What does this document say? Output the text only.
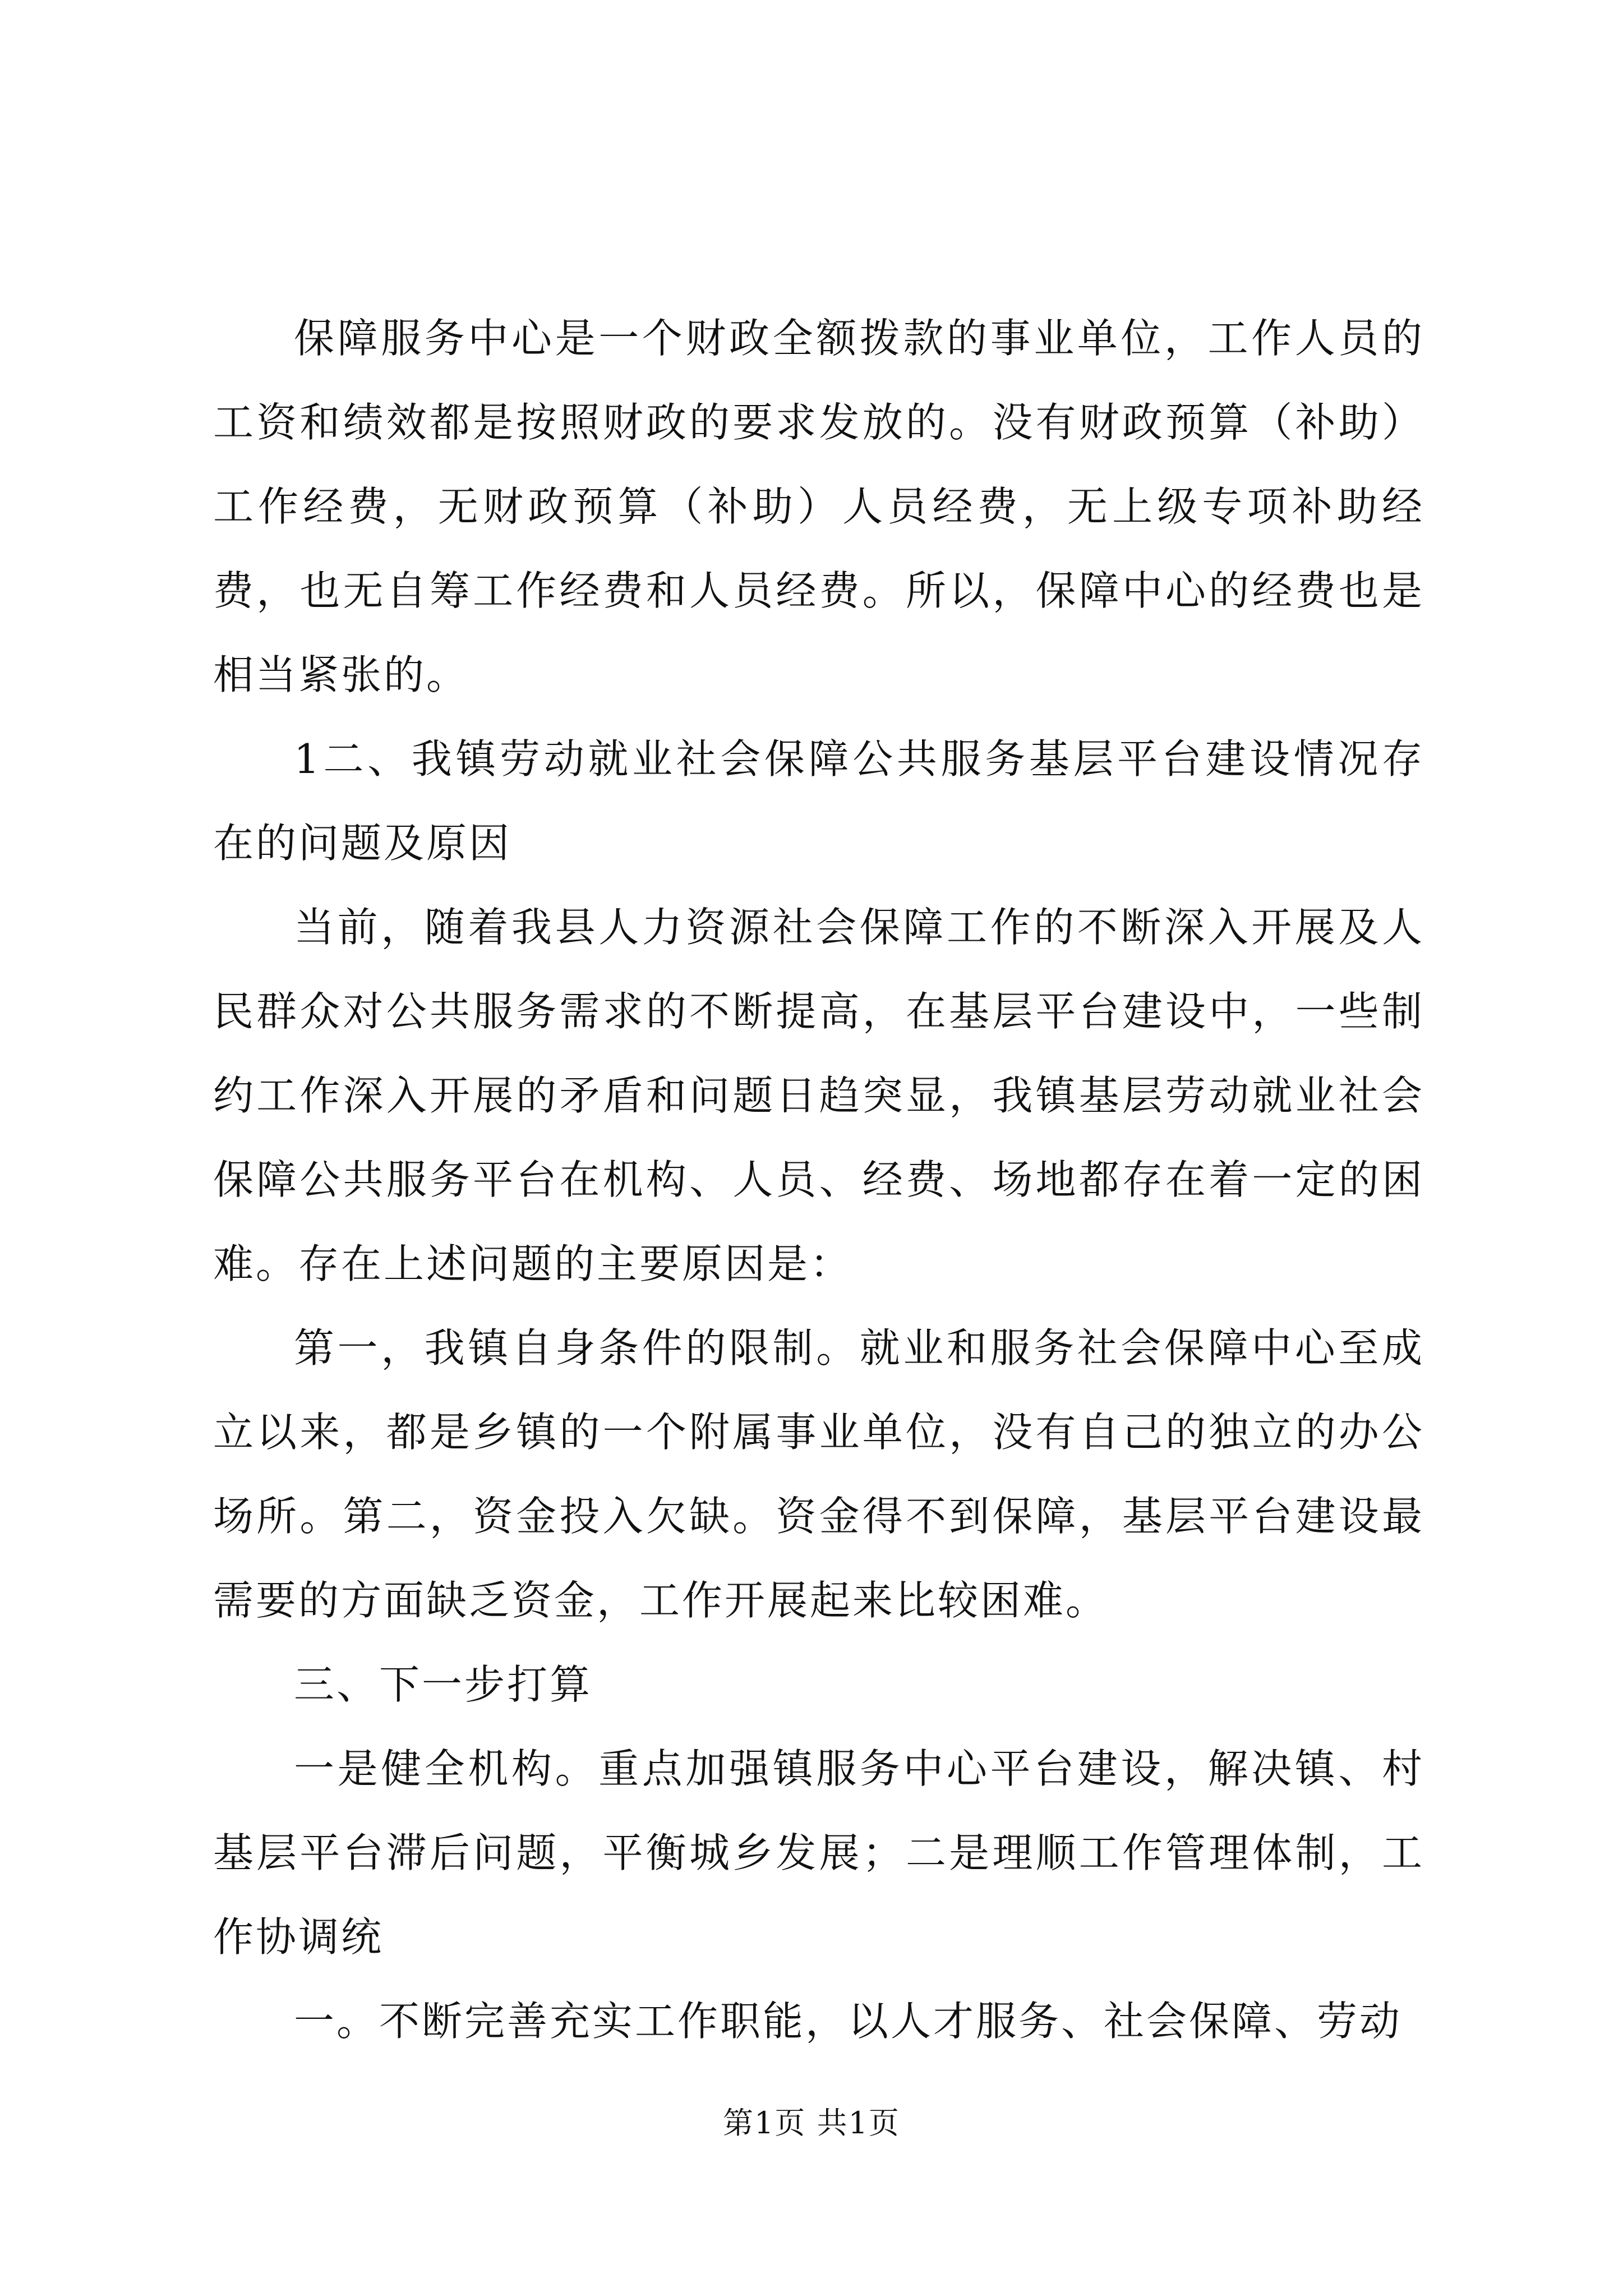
保障服务中心是一个财政全额拨款的事业单位，工作人员的工资和绩效都是按照财政的要求发放的。没有财政预算（补助）工作经费，无财政预算（补助）人员经费，无上级专项补助经费，也无自筹工作经费和人员经费。所以，保障中心的经费也是相当紧张的。

1二、我镇劳动就业社会保障公共服务基层平台建设情况存在的问题及原因

当前，随着我县人力资源社会保障工作的不断深入开展及人民群众对公共服务需求的不断提高，在基层平台建设中，一些制约工作深入开展的矛盾和问题日趋突显，我镇基层劳动就业社会保障公共服务平台在机构、人员、经费、场地都存在着一定的困难。存在上述问题的主要原因是：

第一，我镇自身条件的限制。就业和服务社会保障中心至成立以来，都是乡镇的一个附属事业单位，没有自己的独立的办公场所。第二，资金投入欠缺。资金得不到保障，基层平台建设最需要的方面缺乏资金，工作开展起来比较困难。

三、下一步打算

一是健全机构。重点加强镇服务中心平台建设，解决镇、村基层平台滞后问题，平衡城乡发展；二是理顺工作管理体制，工作协调统

一。不断完善充实工作职能，以人才服务、社会保障、劳动

第1页 共1页
